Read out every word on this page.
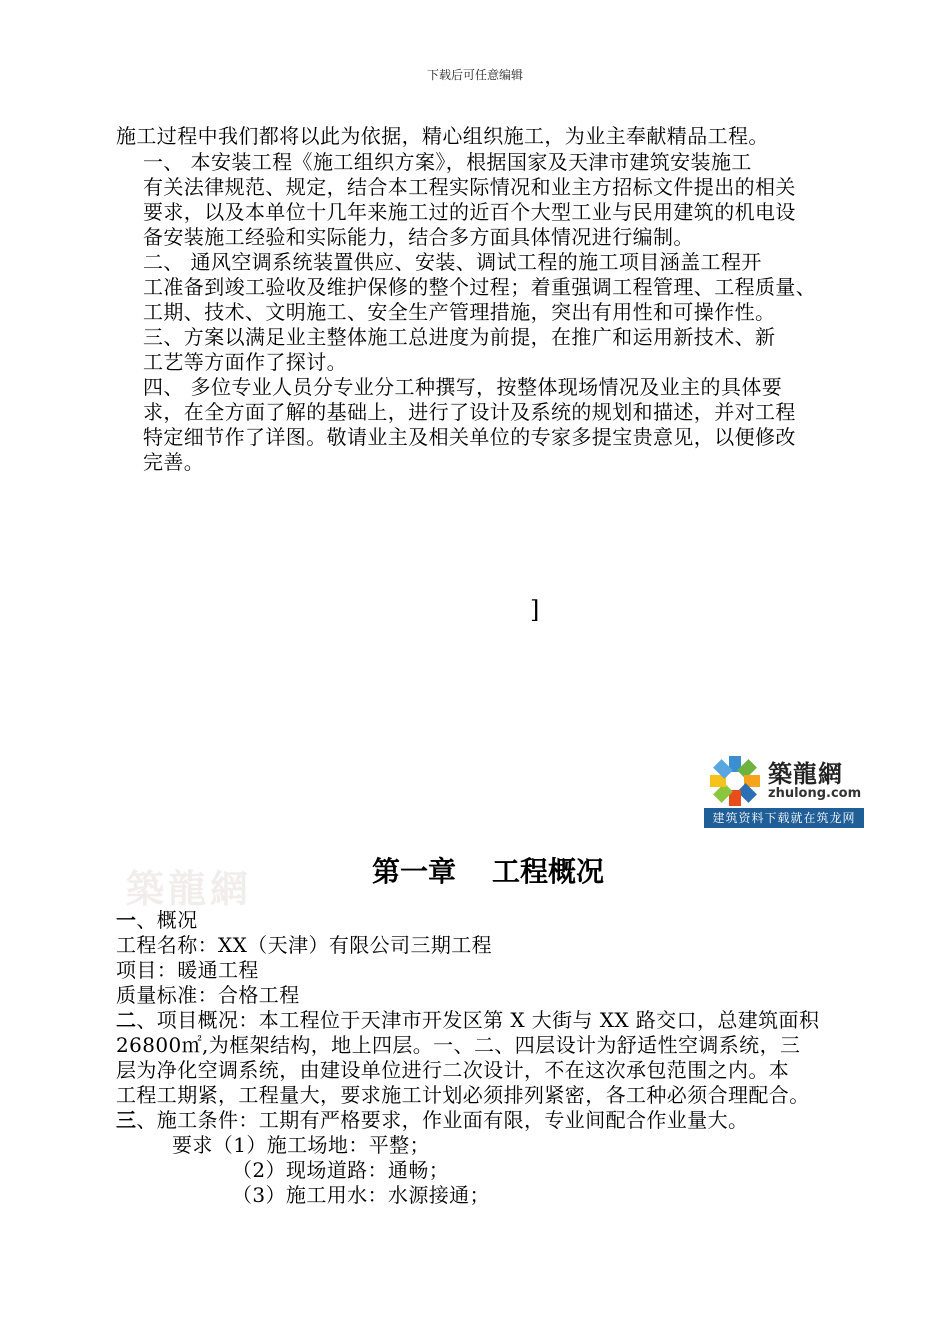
下载后可任意编辑
施工过程中我们都将以此为依据，精心组织施工，为业主奉献精品工程。
一、 本安装工程《施工组织方案》，根据国家及天津市建筑安装施工
有关法律规范、规定，结合本工程实际情况和业主方招标文件提出的相关
要求，以及本单位十几年来施工过的近百个大型工业与民用建筑的机电设
备安装施工经验和实际能力，结合多方面具体情况进行编制。
二、 通风空调系统装置供应、安装、调试工程的施工项目涵盖工程开
工准备到竣工验收及维护保修的整个过程；着重强调工程管理、工程质量、
工期、技术、文明施工、安全生产管理措施，突出有用性和可操作性。
三、方案以满足业主整体施工总进度为前提，在推广和运用新技术、新
工艺等方面作了探讨。
四、 多位专业人员分专业分工种撰写，按整体现场情况及业主的具体要
求，在全方面了解的基础上，进行了设计及系统的规划和描述，并对工程
特定细节作了详图。敬请业主及相关单位的专家多提宝贵意见，以便修改
完善。
]
築龍網
zhulong.com
建筑资料下载就在筑龙网
築龍網	第一章 工程概况
一、概况
工程名称：XX（天津）有限公司三期工程
项目：暖通工程
质量标准：合格工程
二、项目概况：本工程位于天津市开发区第 X 大街与 XX 路交口，总建筑面积
26800㎡,为框架结构，地上四层。一、二、四层设计为舒适性空调系统，三
层为净化空调系统，由建设单位进行二次设计，不在这次承包范围之内。本
工程工期紧，工程量大，要求施工计划必须排列紧密，各工种必须合理配合。
三、施工条件：工期有严格要求，作业面有限，专业间配合作业量大。
要求（1）施工场地：平整；
（2）现场道路：通畅；
（3）施工用水：水源接通；
